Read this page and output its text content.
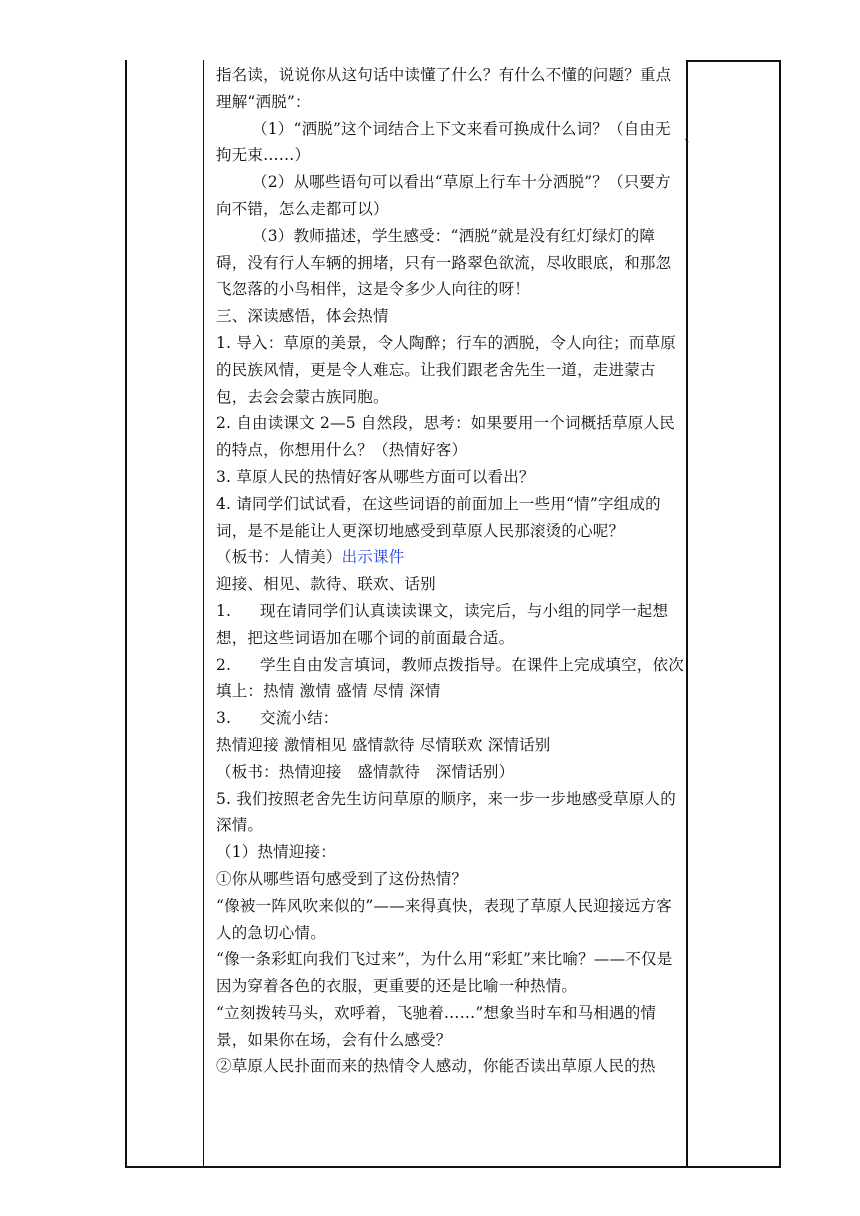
、

指名读，说说你从这句话中读懂了什么？有什么不懂的问题？重点理解“洒脱”：

（1）“洒脱”这个词结合上下文来看可换成什么词？（自由无拘无束……）

（2）从哪些语句可以看出“草原上行车十分洒脱”？（只要方向不错，怎么走都可以）

（3）教师描述，学生感受：“洒脱”就是没有红灯绿灯的障碍，没有行人车辆的拥堵，只有一路翠色欲流，尽收眼底，和那忽飞忽落的小鸟相伴，这是令多少人向往的呀！

三、深读感悟，体会热情

1. 导入：草原的美景，令人陶醉；行车的洒脱，令人向往；而草原的民族风情，更是令人难忘。让我们跟老舍先生一道，走进蒙古包，去会会蒙古族同胞。

2. 自由读课文 2—5 自然段，思考：如果要用一个词概括草原人民的特点，你想用什么？（热情好客）

3. 草原人民的热情好客从哪些方面可以看出？

4. 请同学们试试看，在这些词语的前面加上一些用“情”字组成的词，是不是能让人更深切地感受到草原人民那滚烫的心呢？

（板书：人情美）出示课件

迎接、相见、款待、联欢、话别

1. 现在请同学们认真读读课文，读完后，与小组的同学一起想想，把这些词语加在哪个词的前面最合适。

2. 学生自由发言填词，教师点拨指导。在课件上完成填空，依次填上：热情 激情 盛情 尽情 深情

3. 交流小结：

热情迎接 激情相见 盛情款待 尽情联欢 深情话别

（板书：热情迎接　盛情款待　深情话别）

5. 我们按照老舍先生访问草原的顺序，来一步一步地感受草原人的深情。

（1）热情迎接：

①你从哪些语句感受到了这份热情？

“像被一阵风吹来似的”——来得真快，表现了草原人民迎接远方客人的急切心情。

“像一条彩虹向我们飞过来”，为什么用“彩虹”来比喻？——不仅是因为穿着各色的衣服，更重要的还是比喻一种热情。

“立刻拨转马头，欢呼着，飞驰着……”想象当时车和马相遇的情景，如果你在场，会有什么感受？

②草原人民扑面而来的热情令人感动，你能否读出草原人民的热
